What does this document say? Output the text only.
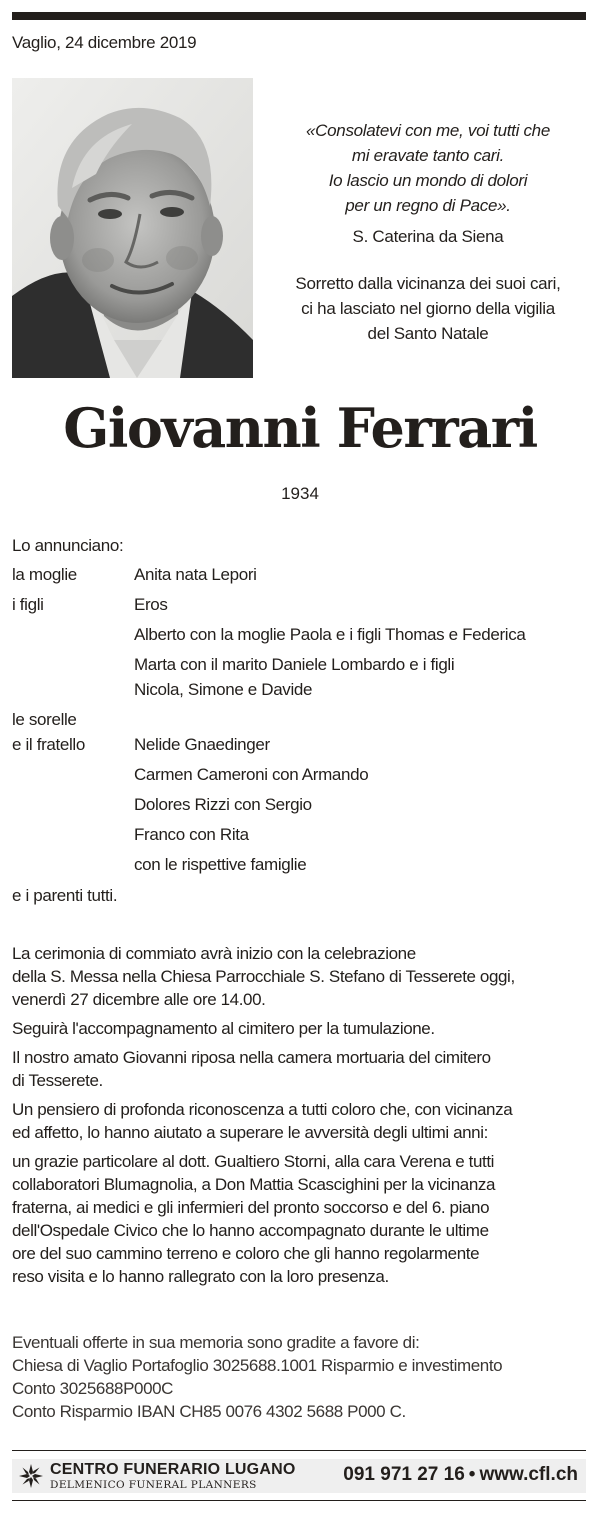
Vaglio, 24 dicembre 2019
«Consolatevi con me, voi tutti che
mi eravate tanto cari.
Io lascio un mondo di dolori
per un regno di Pace».
S. Caterina da Siena
Sorretto dalla vicinanza dei suoi cari,
ci ha lasciato nel giorno della vigilia
del Santo Natale
Giovanni Ferrari
1934
Lo annunciano:
la moglie	Anita nata Lepori
i figli	Eros
Alberto con la moglie Paola e i figli Thomas e Federica
Marta con il marito Daniele Lombardo e i figli
Nicola, Simone e Davide
le sorelle
e il fratello	Nelide Gnaedinger
Carmen Cameroni con Armando
Dolores Rizzi con Sergio
Franco con Rita
con le rispettive famiglie
e i parenti tutti.

La cerimonia di commiato avrà inizio con la celebrazione
della S. Messa nella Chiesa Parrocchiale S. Stefano di Tesserete oggi,
venerdì 27 dicembre alle ore 14.00.

Seguirà l'accompagnamento al cimitero per la tumulazione.

Il nostro amato Giovanni riposa nella camera mortuaria del cimitero
di Tesserete.

Un pensiero di profonda riconoscenza a tutti coloro che, con vicinanza
ed affetto, lo hanno aiutato a superare le avversità degli ultimi anni:

un grazie particolare al dott. Gualtiero Storni, alla cara Verena e tutti
collaboratori Blumagnolia, a Don Mattia Scascighini per la vicinanza
fraterna, ai medici e gli infermieri del pronto soccorso e del 6. piano
dell'Ospedale Civico che lo hanno accompagnato durante le ultime
ore del suo cammino terreno e coloro che gli hanno regolarmente
reso visita e lo hanno rallegrato con la loro presenza.

Eventuali offerte in sua memoria sono gradite a favore di:
Chiesa di Vaglio Portafoglio 3025688.1001 Risparmio e investimento
Conto 3025688P000C
Conto Risparmio IBAN CH85 0076 4302 5688 P000 C.
CENTRO FUNERARIO LUGANO
DELMENICO FUNERAL PLANNERS	091 971 27 16 • www.cfl.ch
